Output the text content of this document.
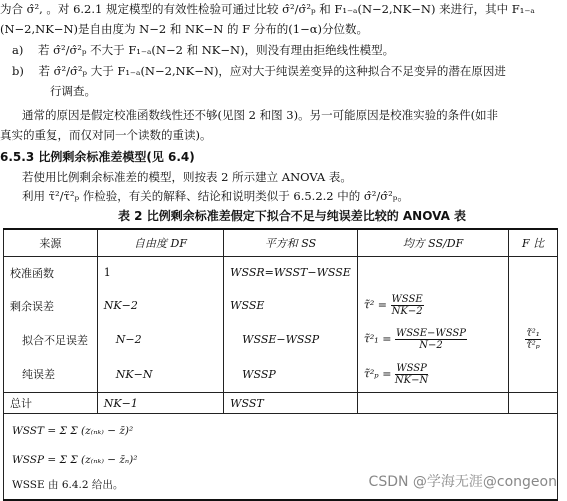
为合 σ̂², 。对 6.2.1 规定模型的有效性检验可通过比较 σ̂²/σ̂²ₚ 和 F₁₋ₐ(N−2,NK−N) 来进行，其中 F₁₋ₐ
(N−2,NK−N)是自由度为 N−2 和 NK−N 的 F 分布的(1−α)分位数。
a) 若 σ̂²/σ̂²ₚ 不大于 F₁₋ₐ(N−2 和 NK−N)，则没有理由拒绝线性模型。
b) 若 σ̂²/σ̂²ₚ 大于 F₁₋ₐ(N−2,NK−N)，应对大于纯误差变异的这种拟合不足变异的潜在原因进
行调查。
通常的原因是假定校准函数线性还不够(见图 2 和图 3)。另一可能原因是校准实验的条件(如非
真实的重复，而仅对同一个读数的重读)。
6.5.3 比例剩余标准差模型(见 6.4)
若使用比例剩余标准差的模型，则按表 2 所示建立 ANOVA 表。
利用 τ̃²/τ̃²ₚ 作检验，有关的解释、结论和说明类似于 6.5.2.2 中的 σ̂²/σ̂²ₚ。
表 2 比例剩余标准差假定下拟合不足与纯误差比较的 ANOVA 表
来源	自由度 DF	平方和 SS	均方 SS/DF	F 比
校准函数	1	WSSR=WSST−WSSE		
剩余误差	NK−2	WSSE	τ̃² = $\frac{\text{WSSE}}{NK-2}$

拟合不足误差	N−2	WSSE−WSSP	τ̃²₁ = $\frac{\text{WSSE−WSSP}}{N-2}$	$\frac{\text{τ̃²₁}}{\text{τ̃²ₚ}}$

纯误差	NK−N	WSSP	τ̃²ₚ = $\frac{\text{WSSP}}{NK-N}$

总计	NK−1	WSST		

WSST = Σ Σ (z₍ₙₖ₎ − z̄)²
WSSP = Σ Σ (z₍ₙₖ₎ − z̄ₙ)²
WSSE 由 6.4.2 给出。					CSDN @学海无涯@congeon
